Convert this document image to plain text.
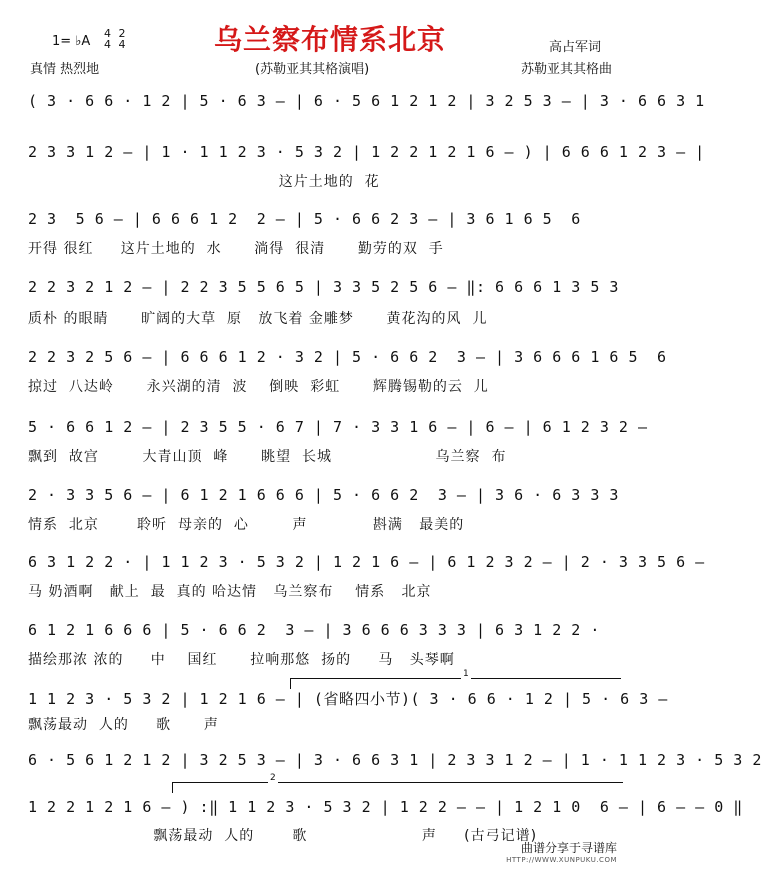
乌兰察布情系北京
1= ♭A
4
4

2
4
真情 热烈地	(苏勒亚其其格演唱)
高占军词
苏勒亚其其格曲
( 3 · 6 6 · 1 2 | 5 · 6 3 – | 6 · 5 6 1 2 1 2 | 3 2 5 3 – | 3 · 6 6 3 1
2 3 3 1 2 – | 1 · 1 1 2 3 · 5 3 2 | 1 2 2 1 2 1 6 – ) | 6 6 6 1 2 3 – |
这片土地的  花
2 3  5 6 – | 6 6 6 1 2  2 – | 5 · 6 6 2 3 – | 3 6 1 6 5  6
开得 很红     这片土地的  水      淌得  很清      勤劳的双  手
2 2 3 2 1 2 – | 2 2 3 5 5 6 5 | 3 3 5 2 5 6 – ‖: 6 6 6 1 3 5 3
质朴 的眼睛      旷阔的大草  原   放飞着 金雕梦      黄花沟的风  儿
2 2 3 2 5 6 – | 6 6 6 1 2 · 3 2 | 5 · 6 6 2  3 – | 3 6 6 6 1 6 5  6
掠过  八达岭      永兴湖的清  波    倒映  彩虹      辉腾锡勒的云  儿
5 · 6 6 1 2 – | 2 3 5 5 · 6 7 | 7 · 3 3 1 6 – | 6 – | 6 1 2 3 2 –
飘到  故宫        大青山顶  峰      眺望  长城                   乌兰察  布
2 · 3 3 5 6 – | 6 1 2 1 6 6 6 | 5 · 6 6 2  3 – | 3 6 · 6 3 3 3
情系  北京       聆听  母亲的  心        声            斟满   最美的
6 3 1 2 2 · | 1 1 2 3 · 5 3 2 | 1 2 1 6 – | 6 1 2 3 2 – | 2 · 3 3 5 6 –
马 奶酒啊   献上  最  真的 哈达情   乌兰察布    情系   北京
6 1 2 1 6 6 6 | 5 · 6 6 2  3 – | 3 6 6 6 3 3 3 | 6 3 1 2 2 ·
描绘那浓 浓的     中    国红      拉响那悠  扬的     马   头琴啊
1 1 2 3 · 5 3 2 | 1 2 1 6 – | (省略四小节)( 3 · 6 6 · 1 2 | 5 · 6 3 –
飘荡最动  人的     歌      声
6 · 5 6 1 2 1 2 | 3 2 5 3 – | 3 · 6 6 3 1 | 2 3 3 1 2 – | 1 · 1 1 2 3 · 5 3 2
1 2 2 1 2 1 6 – ) :‖ 1 1 2 3 · 5 3 2 | 1 2 2 – – | 1 2 1 0  6 – | 6 – – 0 ‖
飘荡最动  人的       歌                     声     (古弓记谱)
1
2
曲谱分享于寻谱库
HTTP://WWW.XUNPUKU.COM
